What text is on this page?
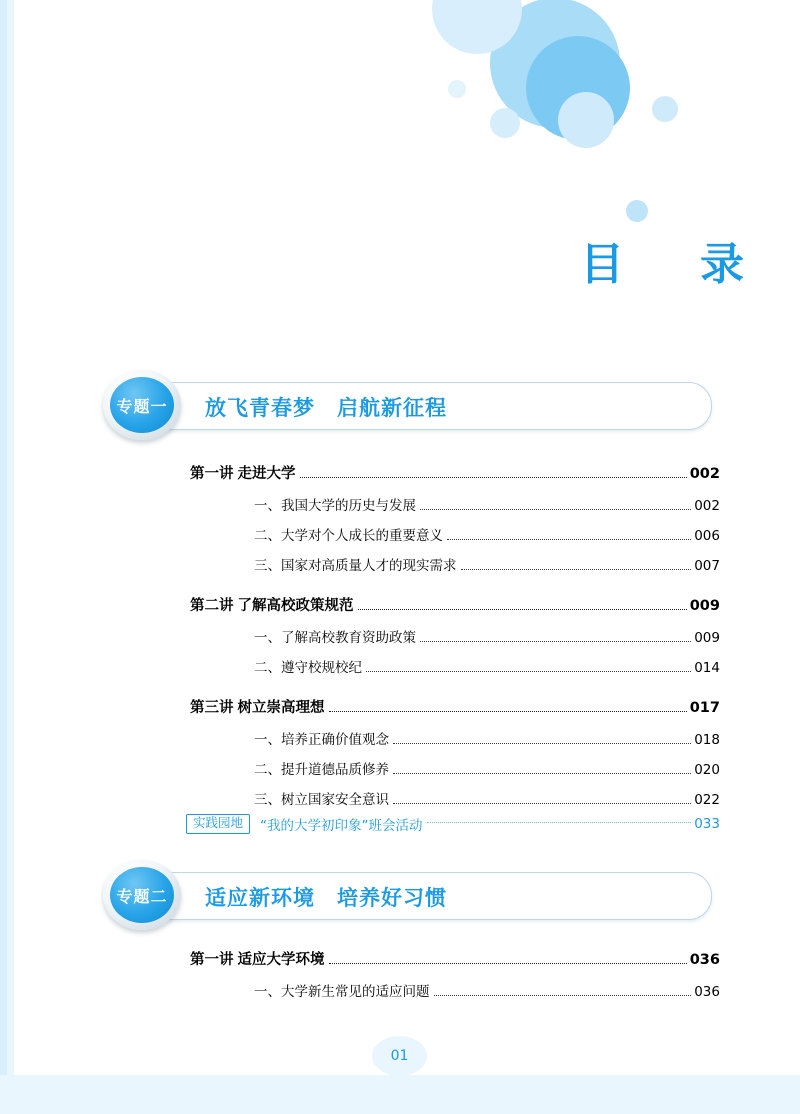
目　录
专题一	放飞青春梦　启航新征程
第一讲 走进大学	002
一、我国大学的历史与发展	002
二、大学对个人成长的重要意义	006
三、国家对高质量人才的现实需求	007
第二讲 了解高校政策规范	009
一、了解高校教育资助政策	009
二、遵守校规校纪	014
第三讲 树立崇高理想	017
一、培养正确价值观念	018
二、提升道德品质修养	020
三、树立国家安全意识	022
实践园地	“我的大学初印象”班会活动	033
专题二	适应新环境　培养好习惯
第一讲 适应大学环境	036
一、大学新生常见的适应问题	036
01
